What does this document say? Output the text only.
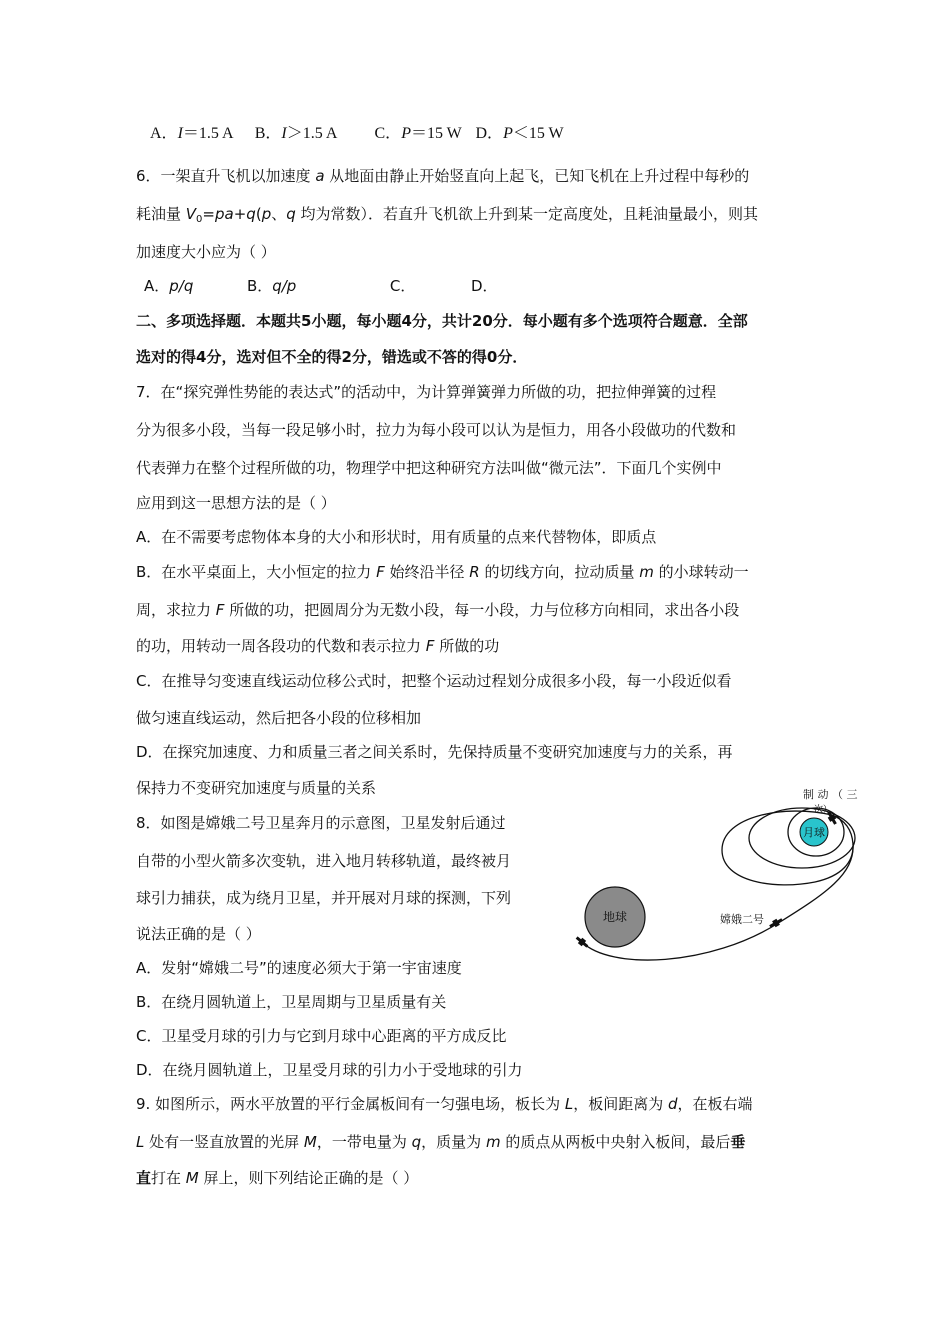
A．I＝1.5 A B．I＞1.5 A C．P＝15 W D．P＜15 W
6．一架直升飞机以加速度 a 从地面由静止开始竖直向上起飞，已知飞机在上升过程中每秒的
耗油量 $V_0=pa+q(p$、q 均为常数）．若直升飞机欲上升到某一定高度处，且耗油量最小，则其
加速度大小应为（ ）
A．p/q	B．q/p	C．	D．
二、多项选择题．本题共5小题，每小题4分，共计20分．每小题有多个选项符合题意．全部
选对的得4分，选对但不全的得2分，错选或不答的得0分．
7．在“探究弹性势能的表达式”的活动中，为计算弹簧弹力所做的功，把拉伸弹簧的过程
分为很多小段，当每一段足够小时，拉力为每小段可以认为是恒力，用各小段做功的代数和
代表弹力在整个过程所做的功，物理学中把这种研究方法叫做“微元法”．下面几个实例中
应用到这一思想方法的是（ ）
A．在不需要考虑物体本身的大小和形状时，用有质量的点来代替物体，即质点
B．在水平桌面上，大小恒定的拉力 F 始终沿半径 R 的切线方向，拉动质量 m 的小球转动一
周，求拉力 F 所做的功，把圆周分为无数小段，每一小段，力与位移方向相同，求出各小段
的功，用转动一周各段功的代数和表示拉力 F 所做的功
C．在推导匀变速直线运动位移公式时，把整个运动过程划分成很多小段，每一小段近似看
做匀速直线运动，然后把各小段的位移相加
D．在探究加速度、力和质量三者之间关系时，先保持质量不变研究加速度与力的关系，再
保持力不变研究加速度与质量的关系
8．如图是嫦娥二号卫星奔月的示意图，卫星发射后通过
自带的小型火箭多次变轨，进入地月转移轨道，最终被月
球引力捕获，成为绕月卫星，并开展对月球的探测，下列
说法正确的是（ ）
A．发射“嫦娥二号”的速度必须大于第一宇宙速度
B．在绕月圆轨道上，卫星周期与卫星质量有关
C．卫星受月球的引力与它到月球中心距离的平方成反比
D．在绕月圆轨道上，卫星受月球的引力小于受地球的引力
月球
地球	嫦娥二号
制 动 （ 三
次）
9. 如图所示，两水平放置的平行金属板间有一匀强电场，板长为 L，板间距离为 d，在板右端
L 处有一竖直放置的光屏 M，一带电量为 q，质量为 m 的质点从两板中央射入板间，最后垂
直打在 M 屏上，则下列结论正确的是（ ）
